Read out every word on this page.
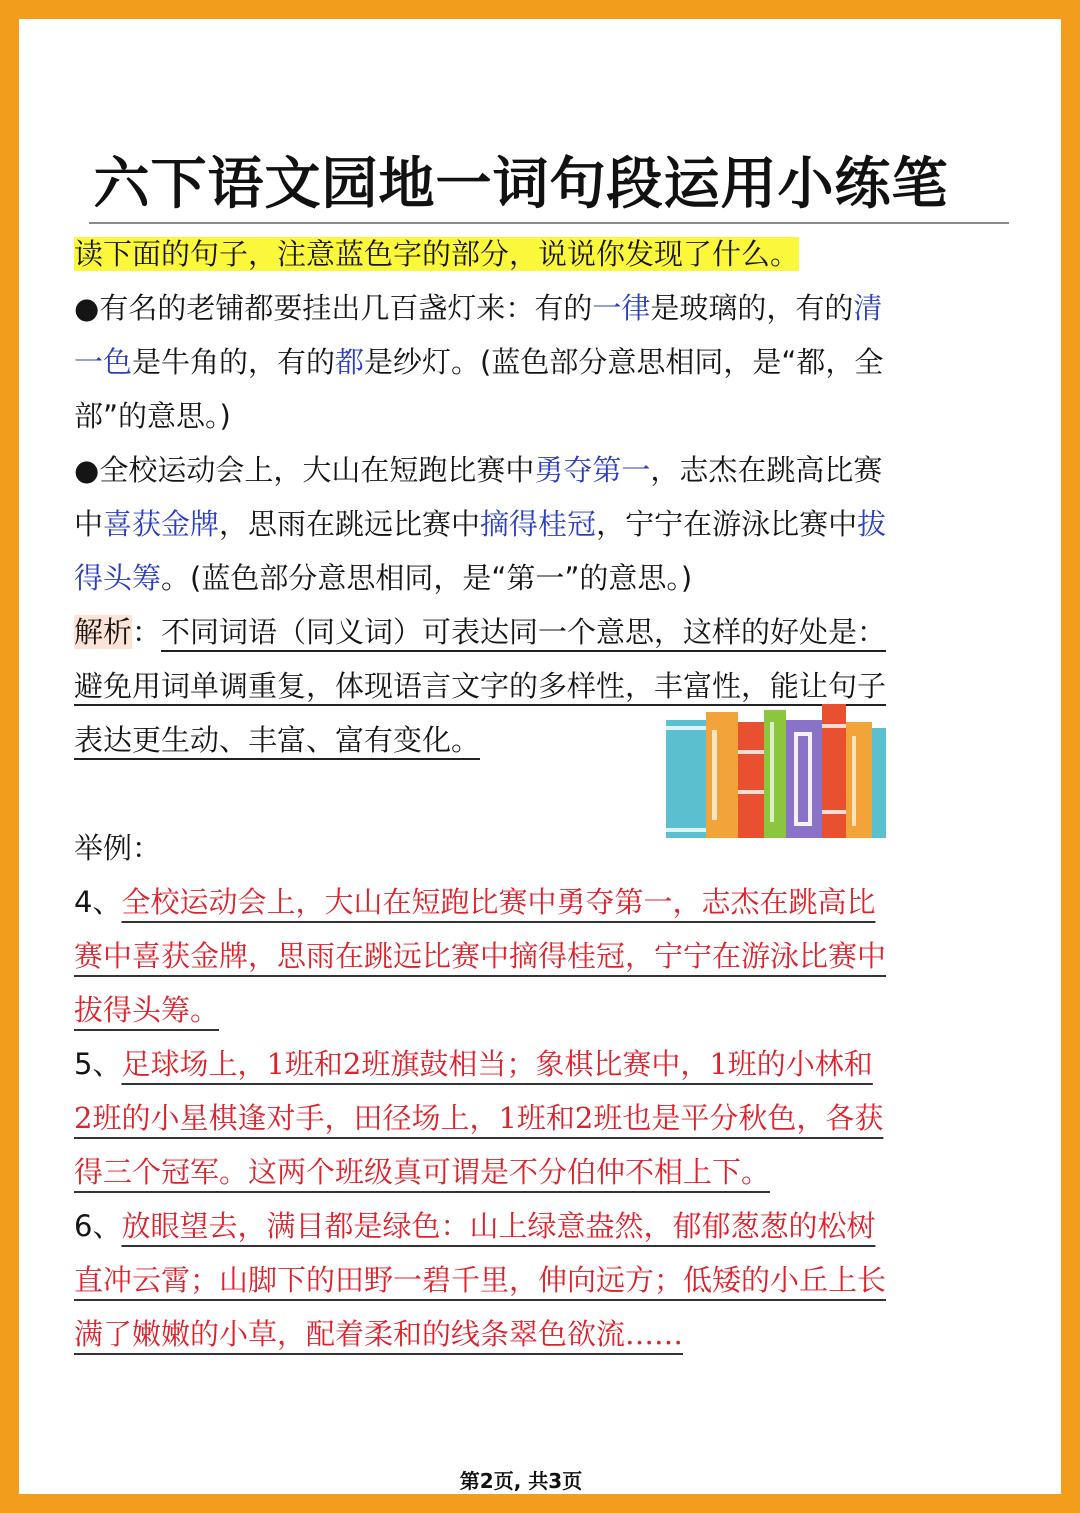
六下语文园地一词句段运用小练笔
读下面的句子，注意蓝色字的部分，说说你发现了什么。
●有名的老铺都要挂出几百盏灯来：有的一律是玻璃的，有的清
一色是牛角的，有的都是纱灯。(蓝色部分意思相同，是“都，全
部”的意思。)
●全校运动会上，大山在短跑比赛中勇夺第一，志杰在跳高比赛
中喜获金牌，思雨在跳远比赛中摘得桂冠，宁宁在游泳比赛中拔
得头筹。(蓝色部分意思相同，是“第一”的意思。)
解析：不同词语（同义词）可表达同一个意思，这样的好处是：
避免用词单调重复，体现语言文字的多样性，丰富性，能让句子
表达更生动、丰富、富有变化。
举例：
4、全校运动会上，大山在短跑比赛中勇夺第一，志杰在跳高比
赛中喜获金牌，思雨在跳远比赛中摘得桂冠，宁宁在游泳比赛中
拔得头筹。
5、足球场上，1班和2班旗鼓相当；象棋比赛中，1班的小林和
2班的小星棋逢对手，田径场上，1班和2班也是平分秋色，各获
得三个冠军。这两个班级真可谓是不分伯仲不相上下。
6、放眼望去，满目都是绿色：山上绿意盎然，郁郁葱葱的松树
直冲云霄；山脚下的田野一碧千里，伸向远方；低矮的小丘上长
满了嫩嫩的小草，配着柔和的线条翠色欲流……
第2页, 共3页
